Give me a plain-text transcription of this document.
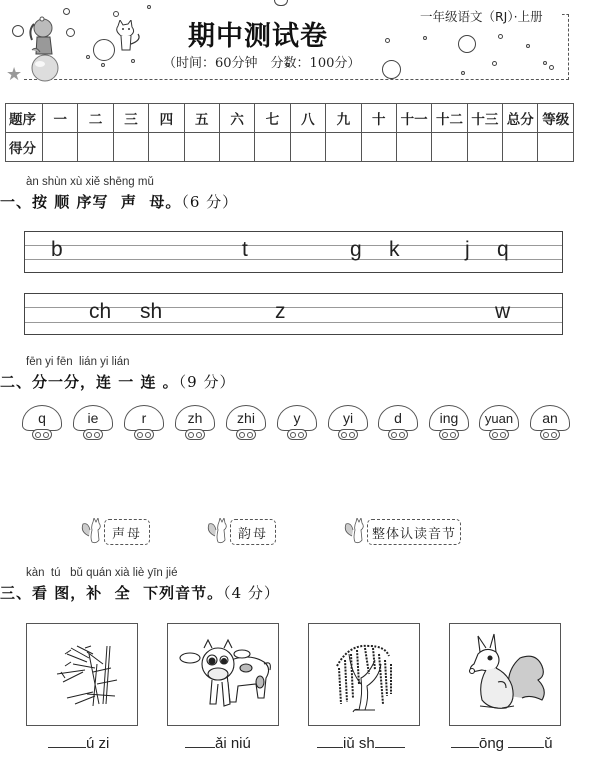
★
期中测试卷
（时间：60分钟　分数：100分）
一年级语文（RJ）·上册
题序	一	二	三	四	五	六	七	八	九	十	十一	十二	十三	总分	等级
得分															
àn shùn xù xiě shēng mǔ
一、按 顺 序写  声  母。（6 分）
b	t	g k	j q
ch sh	z	w
fēn yi fēn  lián yi lián
二、分一分，连 一 连 。（9 分）
q	ie	r	zh	zhi	y	yi	d	ing	yuan	an
声母	韵母	整体认读音节
kàn  tú   bǔ quán xià liè yīn jié
三、看 图，补  全  下列音节。（4 分）
ú zi	ǎi niú	iǔ sh	ōng	ǔ
